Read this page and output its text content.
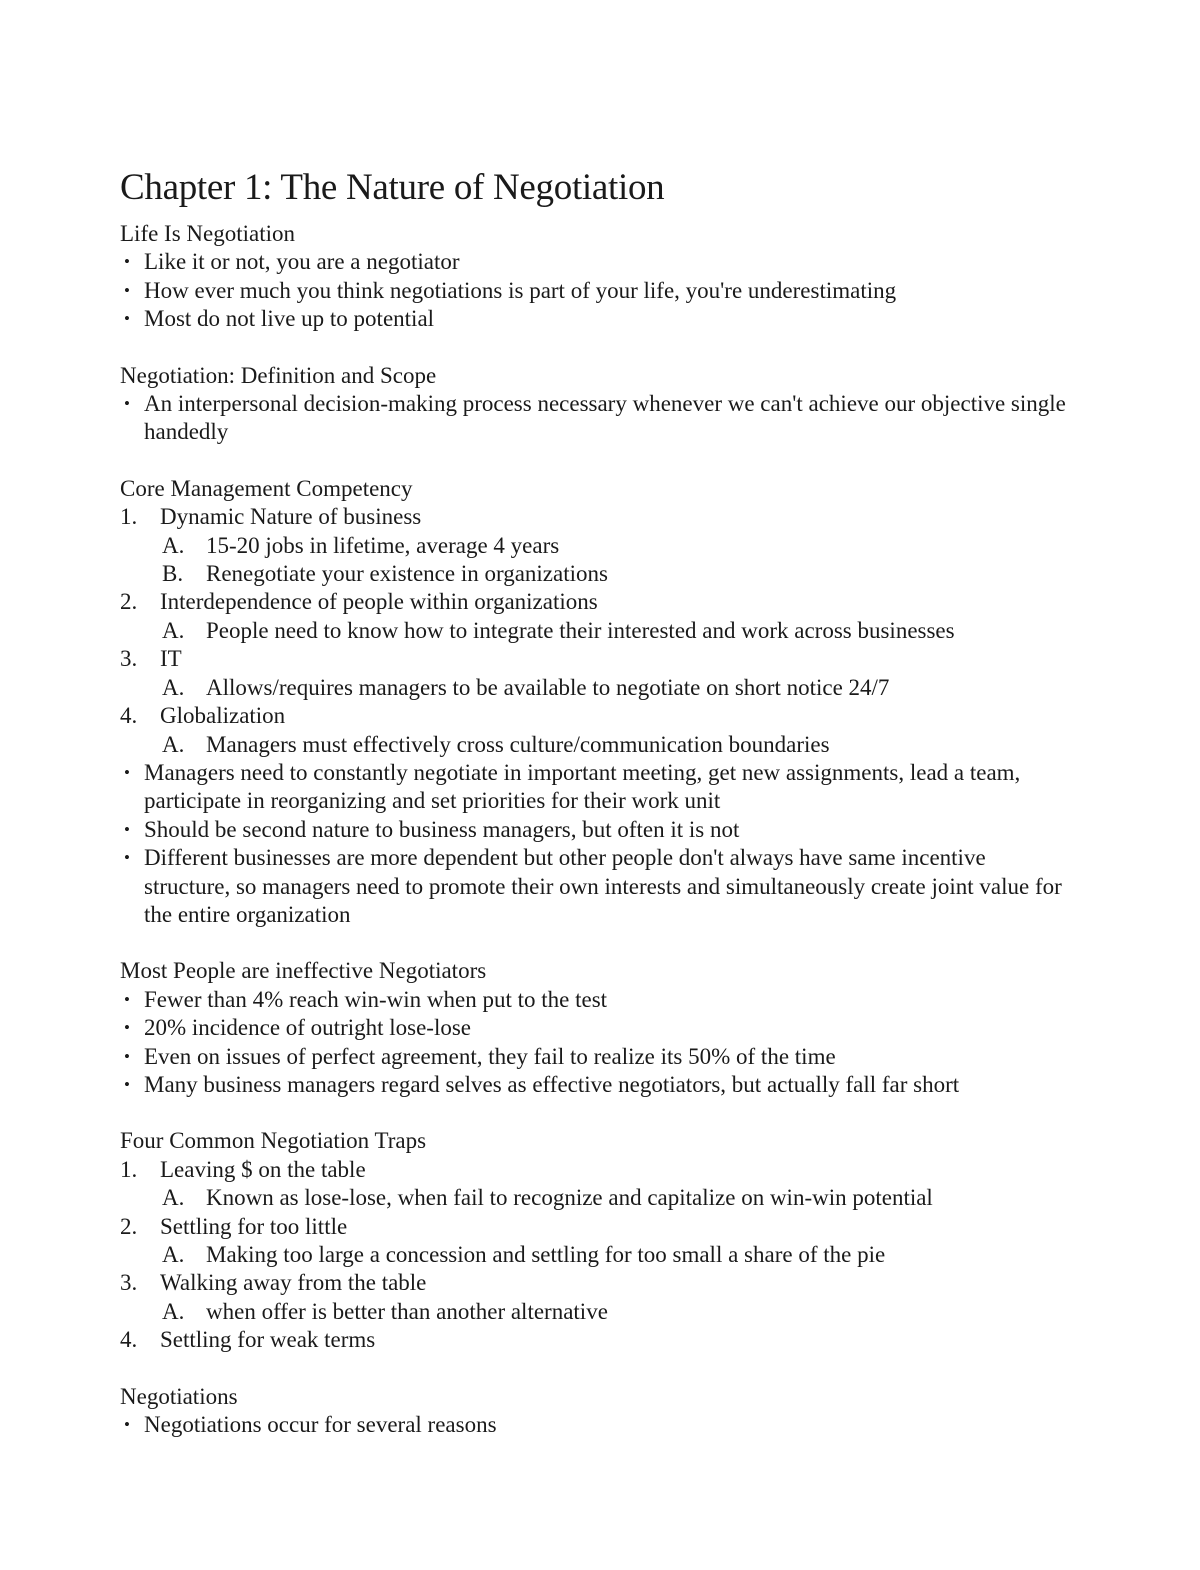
Chapter 1: The Nature of Negotiation

Life Is Negotiation

• Like it or not, you are a negotiator

• How ever much you think negotiations is part of your life, you're underestimating

• Most do not live up to potential

Negotiation: Definition and Scope

• An interpersonal decision-making process necessary whenever we can't achieve our objective single handedly

Core Management Competency

1. Dynamic Nature of business

A. 15-20 jobs in lifetime, average 4 years

B. Renegotiate your existence in organizations

2. Interdependence of people within organizations

A. People need to know how to integrate their interested and work across businesses

3. IT

A. Allows/requires managers to be available to negotiate on short notice 24/7

4. Globalization

A. Managers must effectively cross culture/communication boundaries

• Managers need to constantly negotiate in important meeting, get new assignments, lead a team, participate in reorganizing and set priorities for their work unit

• Should be second nature to business managers, but often it is not

• Different businesses are more dependent but other people don't always have same incentive structure, so managers need to promote their own interests and simultaneously create joint value for the entire organization

Most People are ineffective Negotiators

• Fewer than 4% reach win-win when put to the test

• 20% incidence of outright lose-lose

• Even on issues of perfect agreement, they fail to realize its 50% of the time

• Many business managers regard selves as effective negotiators, but actually fall far short

Four Common Negotiation Traps

1. Leaving $ on the table

A. Known as lose-lose, when fail to recognize and capitalize on win-win potential

2. Settling for too little

A. Making too large a concession and settling for too small a share of the pie

3. Walking away from the table

A. when offer is better than another alternative

4. Settling for weak terms

Negotiations

• Negotiations occur for several reasons
